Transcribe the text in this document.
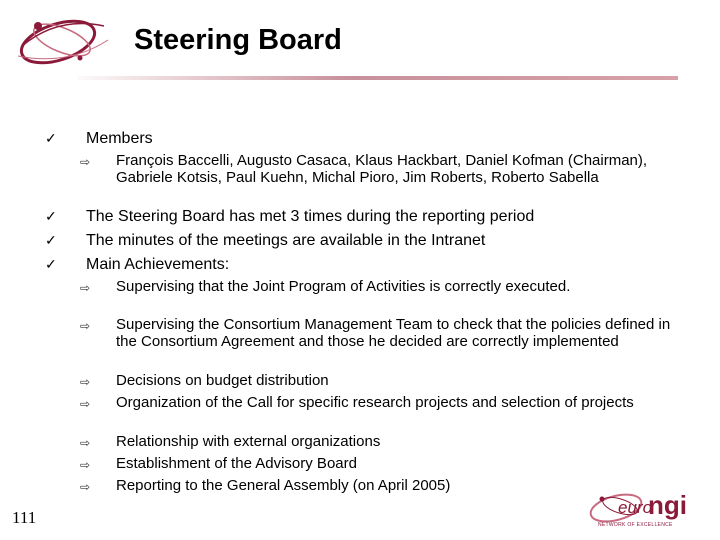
Steering Board
✓ Members
⇨ François Baccelli, Augusto Casaca, Klaus Hackbart, Daniel Kofman (Chairman), Gabriele Kotsis, Paul Kuehn, Michal Pioro, Jim Roberts, Roberto Sabella
✓ The Steering Board has met 3 times during the reporting period
✓ The minutes of the meetings are available in the Intranet
✓ Main Achievements:
⇨ Supervising that the Joint Program of Activities is correctly executed.
⇨ Supervising the Consortium Management Team to check that the policies defined in the Consortium Agreement and those he decided are correctly implemented
⇨ Decisions on budget distribution
⇨ Organization of the Call for specific research projects and selection of projects
⇨ Relationship with external organizations
⇨ Establishment of the Advisory Board
⇨ Reporting to the General Assembly (on April 2005)
111
euro
ngi
NETWORK OF EXCELLENCE
